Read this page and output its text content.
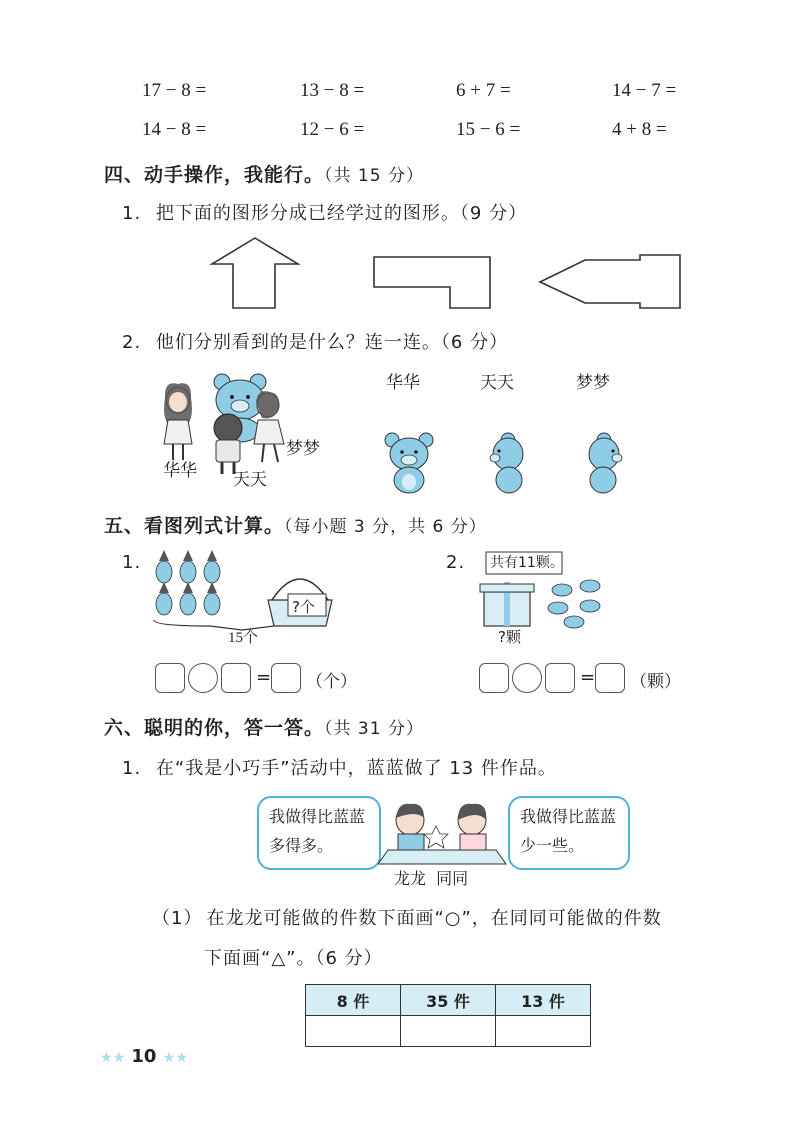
17 − 8 =	13 − 8 =	6 + 7 =	14 − 7 =
14 − 8 =	12 − 6 =	15 − 6 =	4 + 8 =
四、动手操作，我能行。（共 15 分）
1. 把下面的图形分成已经学过的图形。（9 分）
2. 他们分别看到的是什么？连一连。（6 分）
华华 天天
梦梦
华华	天天	梦梦
五、看图列式计算。（每小题 3 分，共 6 分）
1.
?个
15个
2. 共有11颗。
?颗
= （个）	= （颗）
六、聪明的你，答一答。（共 31 分）
1. 在“我是小巧手”活动中，蓝蓝做了 13 件作品。
我做得比蓝蓝多得多。
我做得比蓝蓝少一些。
龙龙  同同
（1） 在龙龙可能做的件数下面画“○”，在同同可能做的件数
下面画“△”。（6 分）
8 件	35 件	13 件

★★ 10 ★★
